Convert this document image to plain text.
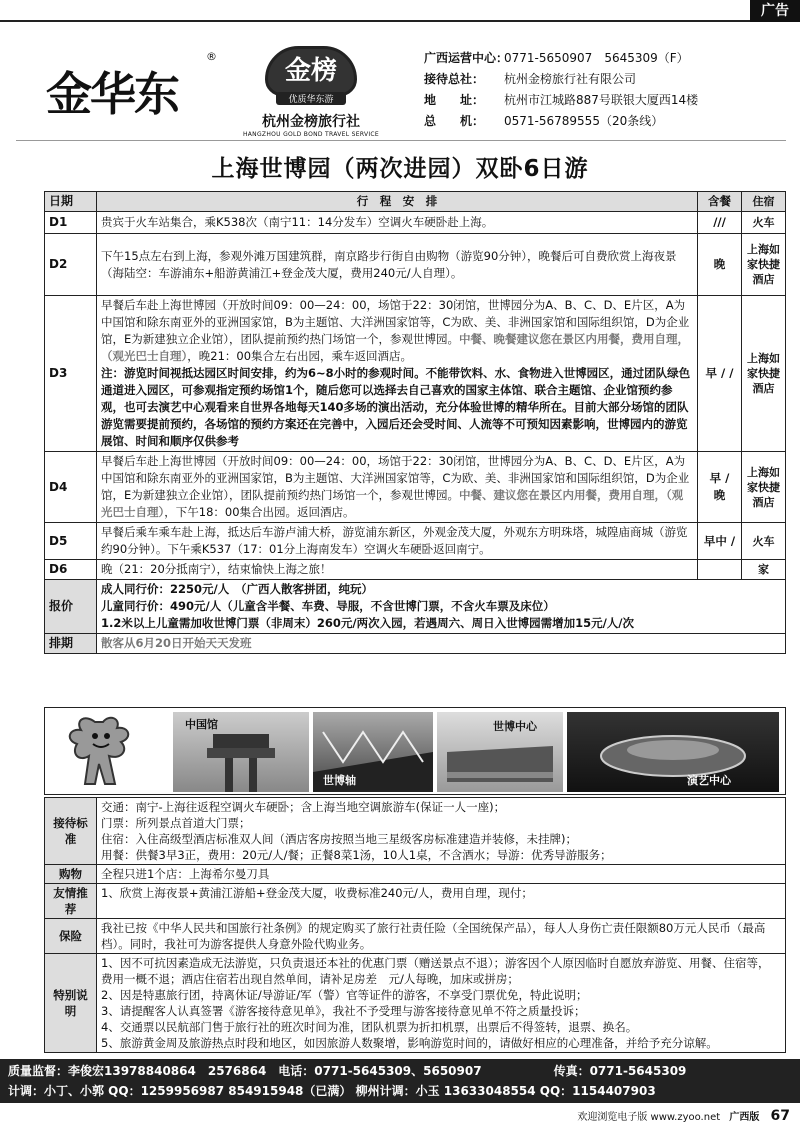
广告
金华东
®	金榜
优质华东游
杭州金榜旅行社
HANGZHOU GOLD BOND TRAVEL SERVICE
广西运营中心：0771-5650907　5645309（F）
接待总社： 杭州金榜旅行社有限公司
地　　址： 杭州市江城路887号联银大厦西14楼
总　　机： 0571-56789555（20条线）
上海世博园（两次进园）双卧6日游
日期	行　程　安　排	含餐	住宿
D1	贵宾于火车站集合，乘K538次（南宁11：14分发车）空调火车硬卧赴上海。	///	火车
D2	下午15点左右到上海，参观外滩万国建筑群，南京路步行街自由购物（游览90分钟），晚餐后可自费欣赏上海夜景（海陆空：车游浦东+船游黄浦江+登金茂大厦，费用240元/人自理）。	晚	上海如家快捷酒店
D3	早餐后车赴上海世博园（开放时间09：00—24：00，场馆于22：30闭馆，世博园分为A、B、C、D、E片区，A为中国馆和除东南亚外的亚洲国家馆，B为主题馆、大洋洲国家馆等，C为欧、美、非洲国家馆和国际组织馆，D为企业馆，E为新建独立企业馆），团队提前预约热门场馆一个，参观世博园。中餐、晚餐建议您在景区内用餐，费用自理，（观光巴士自理），晚21：00集合左右出园，乘车返回酒店。
注：游览时间视抵达园区时间安排，约为6~8小时的参观时间。不能带饮料、水、食物进入世博园区，通过团队绿色通道进入园区，可参观指定预约场馆1个，随后您可以选择去自己喜欢的国家主体馆、联合主题馆、企业馆预约参观，也可去演艺中心观看来自世界各地每天140多场的演出活动，充分体验世博的精华所在。目前大部分场馆的团队游览需要提前预约，各场馆的预约方案还在完善中，入园后还会受时间、人流等不可预知因素影响，世博园内的游览展馆、时间和顺序仅供参考	早 / /	上海如家快捷酒店
D4	早餐后车赴上海世博园（开放时间09：00—24：00，场馆于22：30闭馆，世博园分为A、B、C、D、E片区，A为中国馆和除东南亚外的亚洲国家馆，B为主题馆、大洋洲国家馆等，C为欧、美、非洲国家馆和国际组织馆，D为企业馆，E为新建独立企业馆），团队提前预约热门场馆一个，参观世博园。中餐、建议您在景区内用餐，费用自理，（观光巴士自理），下午18：00集合出园。返回酒店。	早 / 晚	上海如家快捷酒店
D5	早餐后乘车乘车赴上海，抵达后车游卢浦大桥，游览浦东新区，外观金茂大厦，外观东方明珠塔，城隍庙商城（游览约90分钟）。下午乘K537（17：01分上海南发车）空调火车硬卧返回南宁。	早中 /	火车
D6	晚（21：20分抵南宁），结束愉快上海之旅！		家
报价	成人同行价：2250元/人　（广西人散客拼团，纯玩）
儿童同行价：490元/人（儿童含半餐、车费、导服，不含世博门票，不含火车票及床位）
1.2米以上儿童需加收世博门票（非周末）260元/两次入园，若遇周六、周日入世博园需增加15元/人/次		

排期	散客从6月20日开始天天发班		
中国馆
世博轴
世博中心
演艺中心
接待标准	交通：南宁-上海往返程空调火车硬卧；含上海当地空调旅游车(保证一人一座)；
门票：所列景点首道大门票；
住宿：入住高级型酒店标准双人间（酒店客房按照当地三星级客房标准建造并装修，未挂牌)；
用餐：供餐3早3正，费用：20元/人/餐；正餐8菜1汤，10人1桌，不含酒水；导游：优秀导游服务；

购物	全程只进1个店：上海希尔曼刀具
友情推荐	1、欣赏上海夜景+黄浦江游船+登金茂大厦，收费标准240元/人，费用自理，现付；
保险	我社已按《中华人民共和国旅行社条例》的规定购买了旅行社责任险（全国统保产品），每人人身伤亡责任限额80万元人民币（最高档）。同时，我社可为游客提供人身意外险代购业务。
特别说明	1、因不可抗因素造成无法游览，只负责退还本社的优惠门票（赠送景点不退）；游客因个人原因临时自愿放弃游览、用餐、住宿等，费用一概不退；酒店住宿若出现自然单间，请补足房差　元/人每晚，加床或拼房；
2、因是特惠旅行团，持离休证/导游证/军（警）官等证件的游客，不享受门票优免，特此说明；
3、请提醒客人认真签署《游客接待意见单》，我社不予受理与游客接待意见单不符之质量投诉；
4、交通票以民航部门售于旅行社的班次时间为准，团队机票为折扣机票，出票后不得签转，退票、换名。
5、旅游黄金周及旅游热点时段和地区，如因旅游人数聚增，影响游览时间的，请做好相应的心理准备，并给予充分谅解。
质量监督：李俊宏13978840864　2576864　电话：0771-5645309、5650907　　　　　　传真：0771-5645309
计调：小丁、小郭 QQ：1259956987 854915948（已满） 柳州计调：小玉 13633048554 QQ：1154407903
欢迎浏览电子版 www.zyoo.net 广西版 67
